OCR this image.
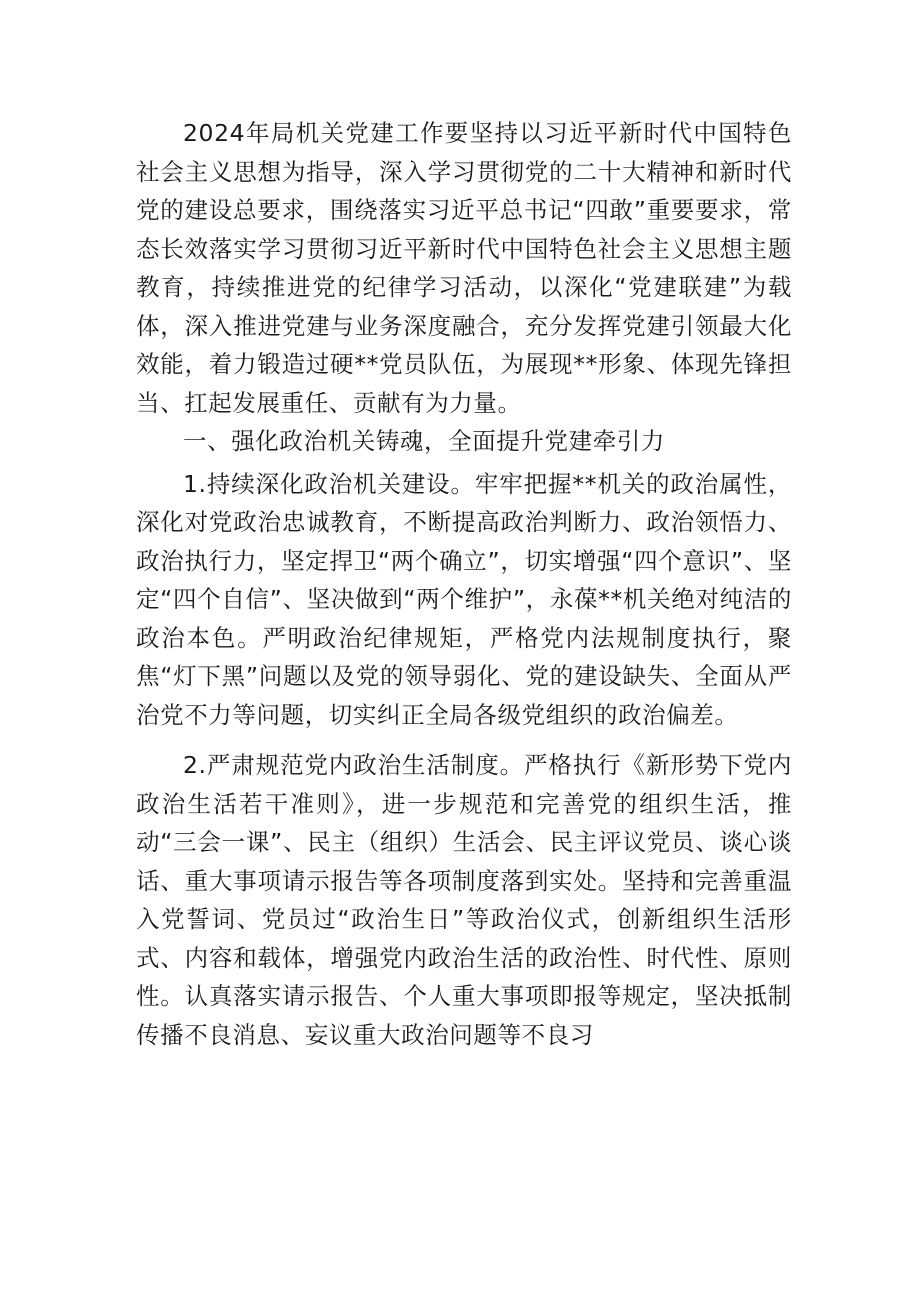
2024年局机关党建工作要坚持以习近平新时代中国特色社会主义思想为指导，深入学习贯彻党的二十大精神和新时代党的建设总要求，围绕落实习近平总书记“四敢”重要要求，常态长效落实学习贯彻习近平新时代中国特色社会主义思想主题教育，持续推进党的纪律学习活动，以深化“党建联建”为载体，深入推进党建与业务深度融合，充分发挥党建引领最大化效能，着力锻造过硬**党员队伍，为展现**形象、体现先锋担当、扛起发展重任、贡献有为力量。

一、强化政治机关铸魂，全面提升党建牵引力

1.持续深化政治机关建设。牢牢把握**机关的政治属性，深化对党政治忠诚教育，不断提高政治判断力、政治领悟力、政治执行力，坚定捍卫“两个确立”，切实增强“四个意识”、坚定“四个自信”、坚决做到“两个维护”，永葆**机关绝对纯洁的政治本色。严明政治纪律规矩，严格党内法规制度执行，聚焦“灯下黑”问题以及党的领导弱化、党的建设缺失、全面从严治党不力等问题，切实纠正全局各级党组织的政治偏差。

2.严肃规范党内政治生活制度。严格执行《新形势下党内政治生活若干准则》，进一步规范和完善党的组织生活，推动“三会一课”、民主（组织）生活会、民主评议党员、谈心谈话、重大事项请示报告等各项制度落到实处。坚持和完善重温入党誓词、党员过“政治生日”等政治仪式，创新组织生活形式、内容和载体，增强党内政治生活的政治性、时代性、原则性。认真落实请示报告、个人重大事项即报等规定，坚决抵制传播不良消息、妄议重大政治问题等不良习
